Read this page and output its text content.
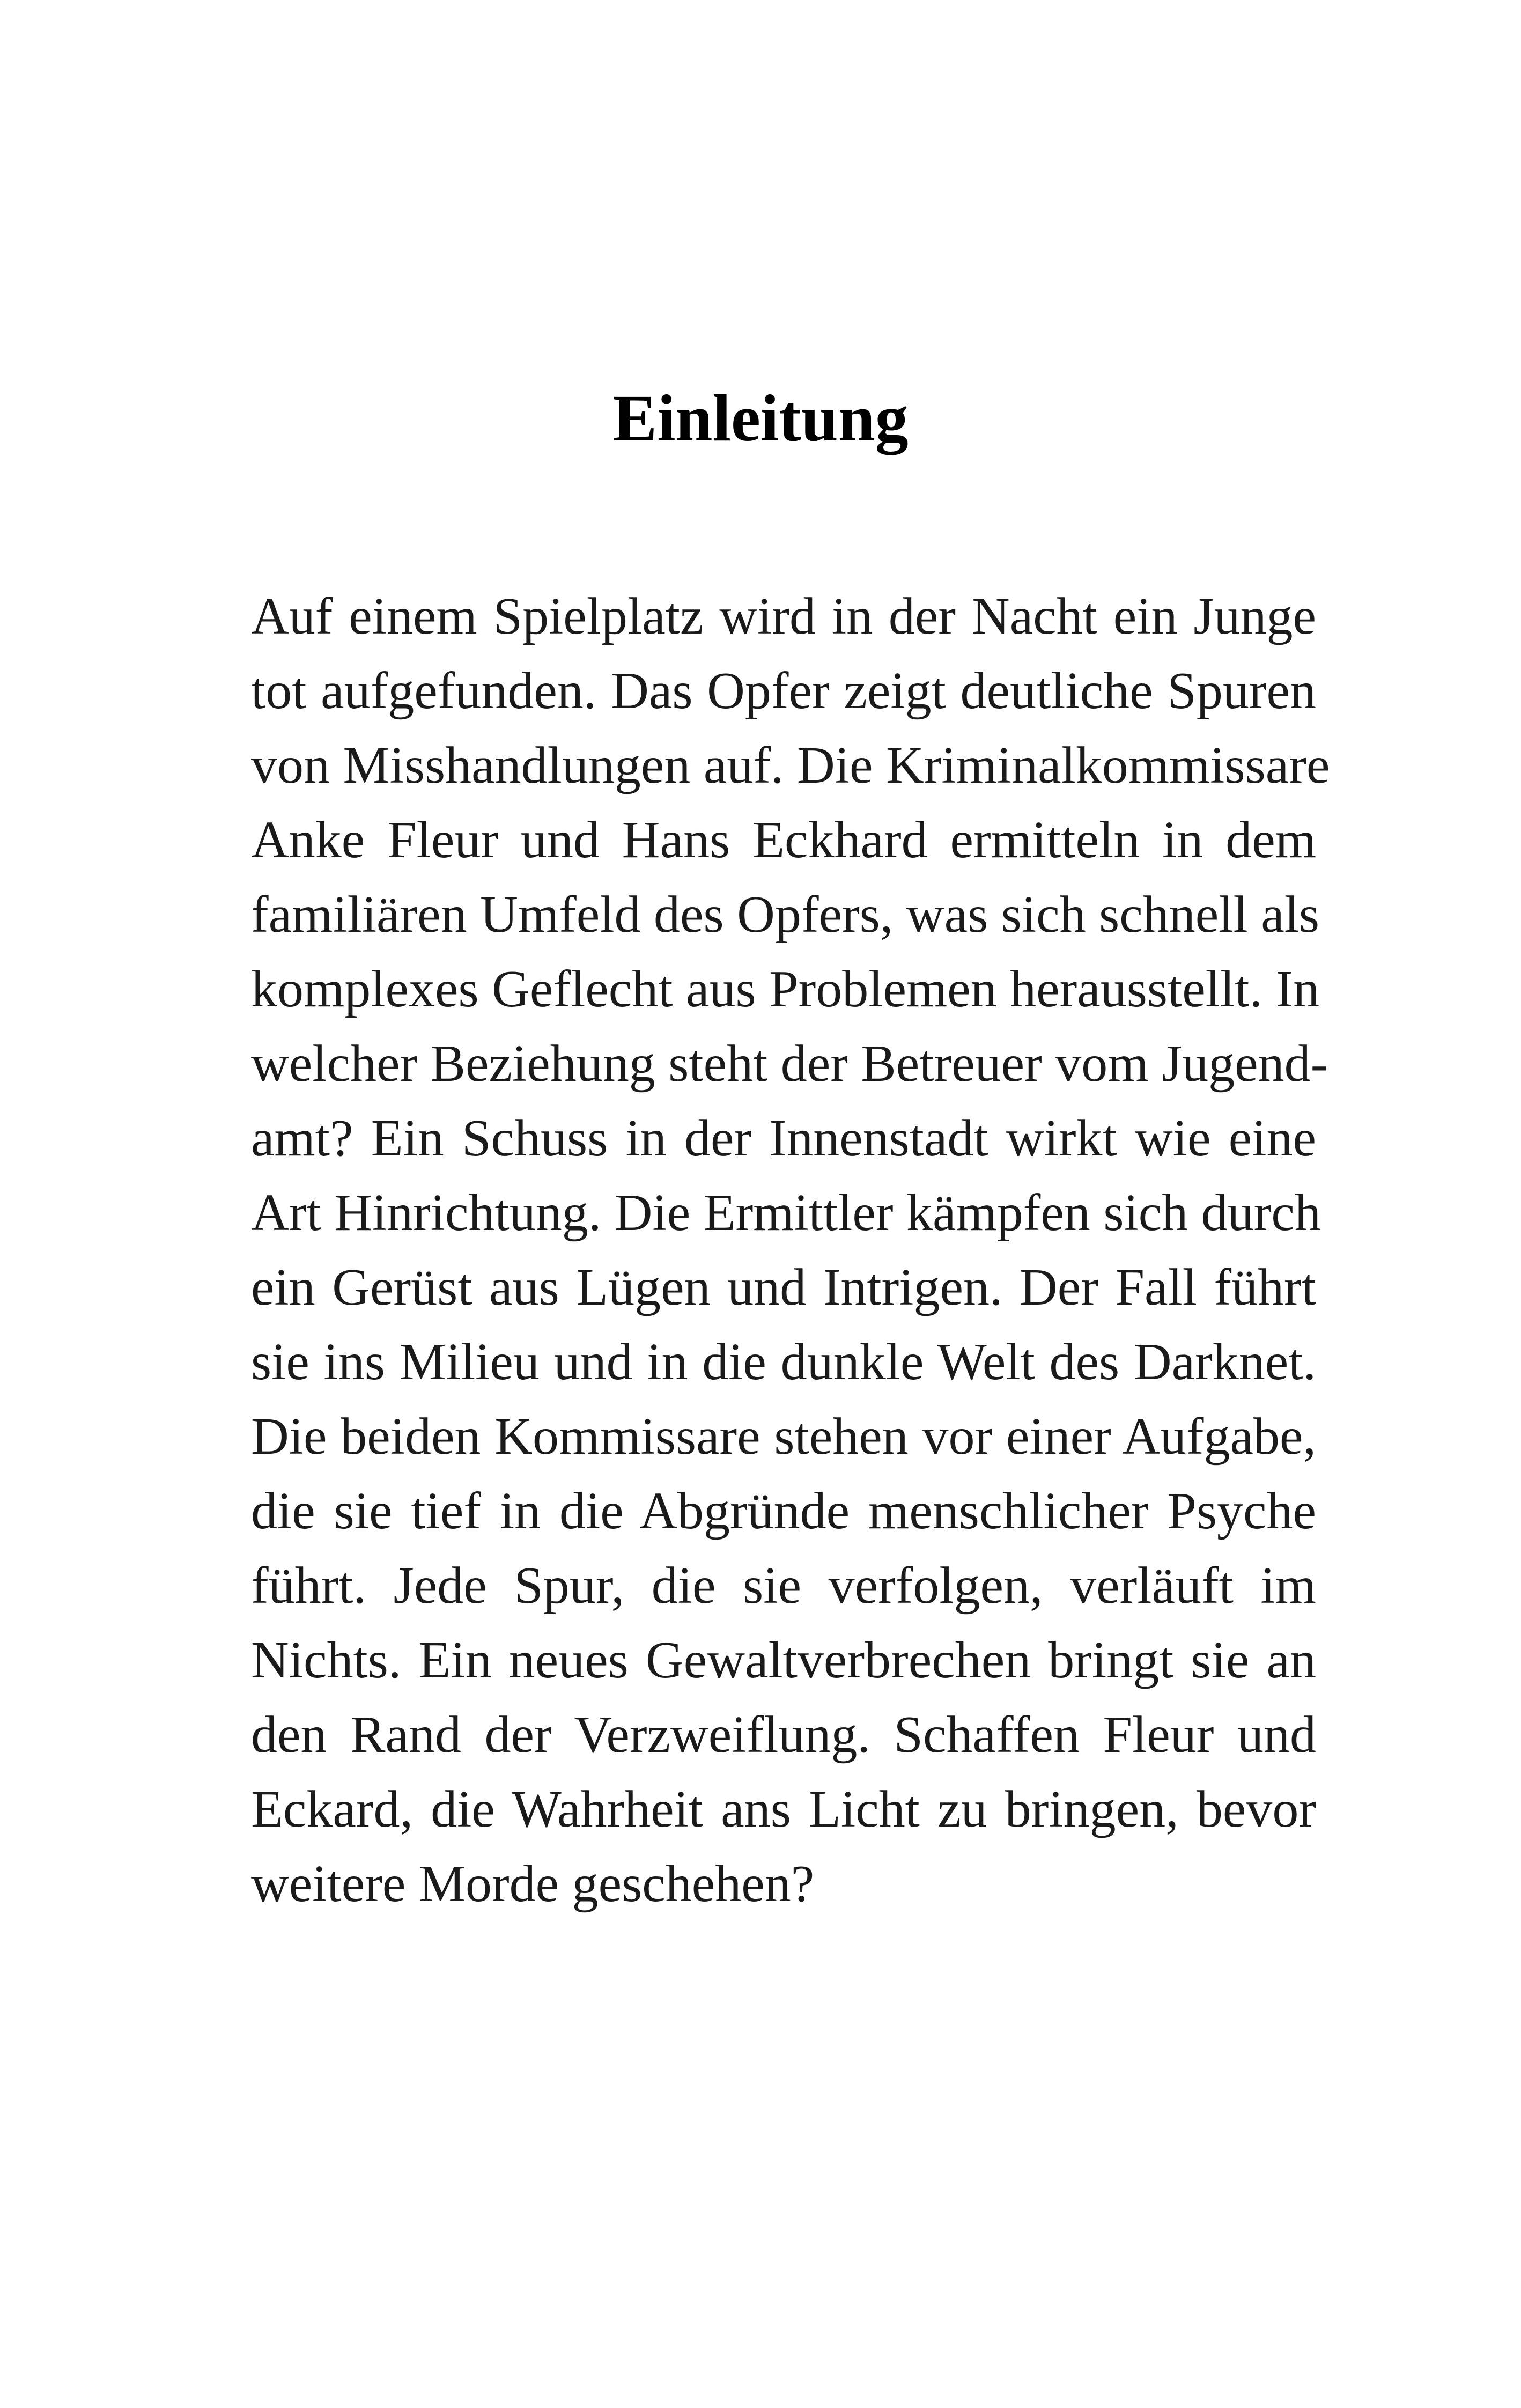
Einleitung
Auf einem Spielplatz wird in der Nacht ein Junge
tot aufgefunden. Das Opfer zeigt deutliche Spuren
von Misshandlungen auf. Die Kriminalkommissare
Anke Fleur und Hans Eckhard ermitteln in dem
familiären Umfeld des Opfers, was sich schnell als
komplexes Geflecht aus Problemen herausstellt. In
welcher Beziehung steht der Betreuer vom Jugend-
amt? Ein Schuss in der Innenstadt wirkt wie eine
Art Hinrichtung. Die Ermittler kämpfen sich durch
ein Gerüst aus Lügen und Intrigen. Der Fall führt
sie ins Milieu und in die dunkle Welt des Darknet.
Die beiden Kommissare stehen vor einer Aufgabe,
die sie tief in die Abgründe menschlicher Psyche
führt. Jede Spur, die sie verfolgen, verläuft im
Nichts. Ein neues Gewaltverbrechen bringt sie an
den Rand der Verzweiflung. Schaffen Fleur und
Eckard, die Wahrheit ans Licht zu bringen, bevor
weitere Morde geschehen?
